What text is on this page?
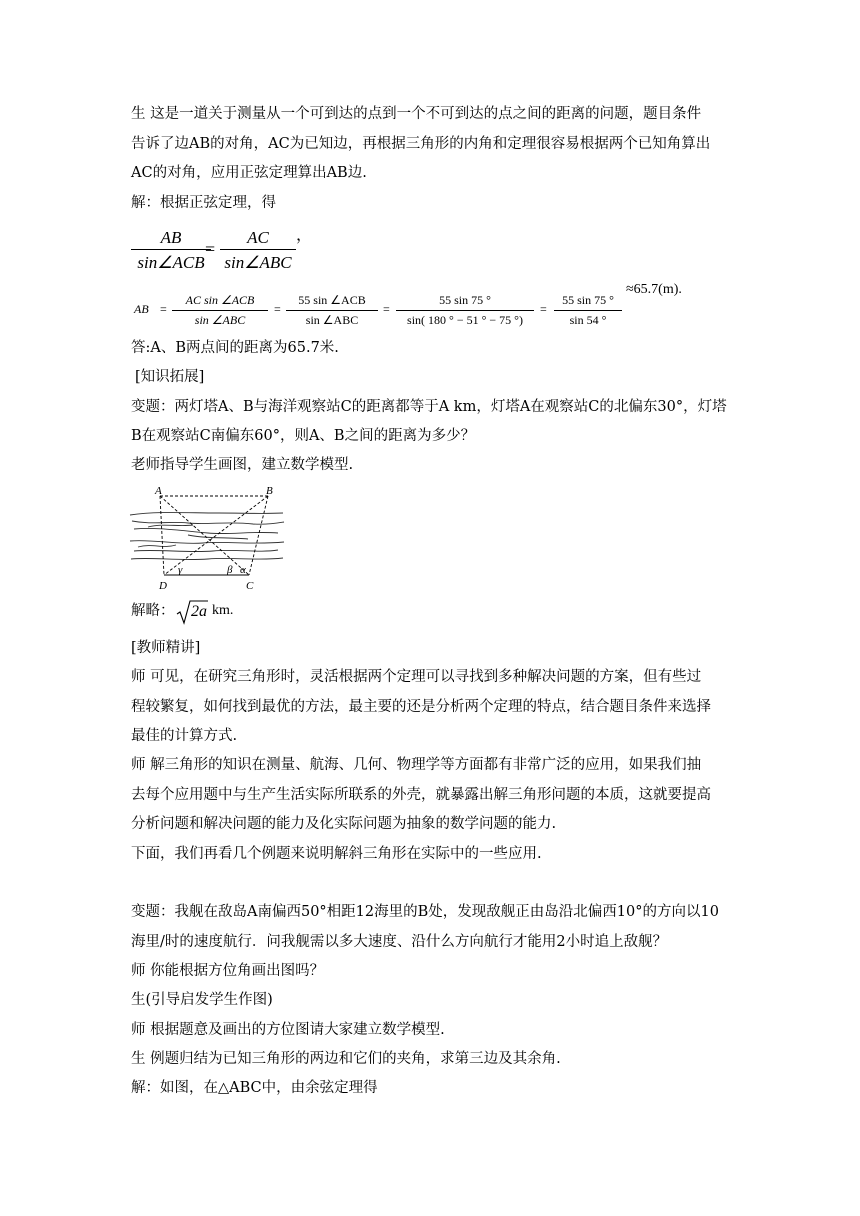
生 这是一道关于测量从一个可到达的点到一个不可到达的点之间的距离的问题，题目条件
告诉了边AB的对角，AC为已知边，再根据三角形的内角和定理很容易根据两个已知角算出
AC的对角，应用正弦定理算出AB边.
解：根据正弦定理，得
AB
sin∠ACB
=
AC
sin∠ABC
，
AB =
AC sin ∠ACB
sin ∠ABC
=
55 sin ∠ACB
sin ∠ABC
=
55 sin 75 °
sin( 180 ° − 51 ° − 75 °)
=
55 sin 75 °
sin 54 °
≈65.7(m).
答:A、B两点间的距离为65.7米.
[知识拓展]
变题：两灯塔A、B与海洋观察站C的距离都等于A km，灯塔A在观察站C的北偏东30°，灯塔
B在观察站C南偏东60°，则A、B之间的距离为多少？
老师指导学生画图，建立数学模型.
A	B
C
D
γ	β α
解略： 2a km.
[教师精讲]
师 可见，在研究三角形时，灵活根据两个定理可以寻找到多种解决问题的方案，但有些过
程较繁复，如何找到最优的方法，最主要的还是分析两个定理的特点，结合题目条件来选择
最佳的计算方式.
师 解三角形的知识在测量、航海、几何、物理学等方面都有非常广泛的应用，如果我们抽
去每个应用题中与生产生活实际所联系的外壳，就暴露出解三角形问题的本质，这就要提高
分析问题和解决问题的能力及化实际问题为抽象的数学问题的能力.
下面，我们再看几个例题来说明解斜三角形在实际中的一些应用.
变题：我舰在敌岛A南偏西50°相距12海里的B处，发现敌舰正由岛沿北偏西10°的方向以10
海里/时的速度航行．问我舰需以多大速度、沿什么方向航行才能用2小时追上敌舰？
师 你能根据方位角画出图吗？
生(引导启发学生作图)
师 根据题意及画出的方位图请大家建立数学模型.
生 例题归结为已知三角形的两边和它们的夹角，求第三边及其余角.
解：如图，在△ABC中，由余弦定理得
